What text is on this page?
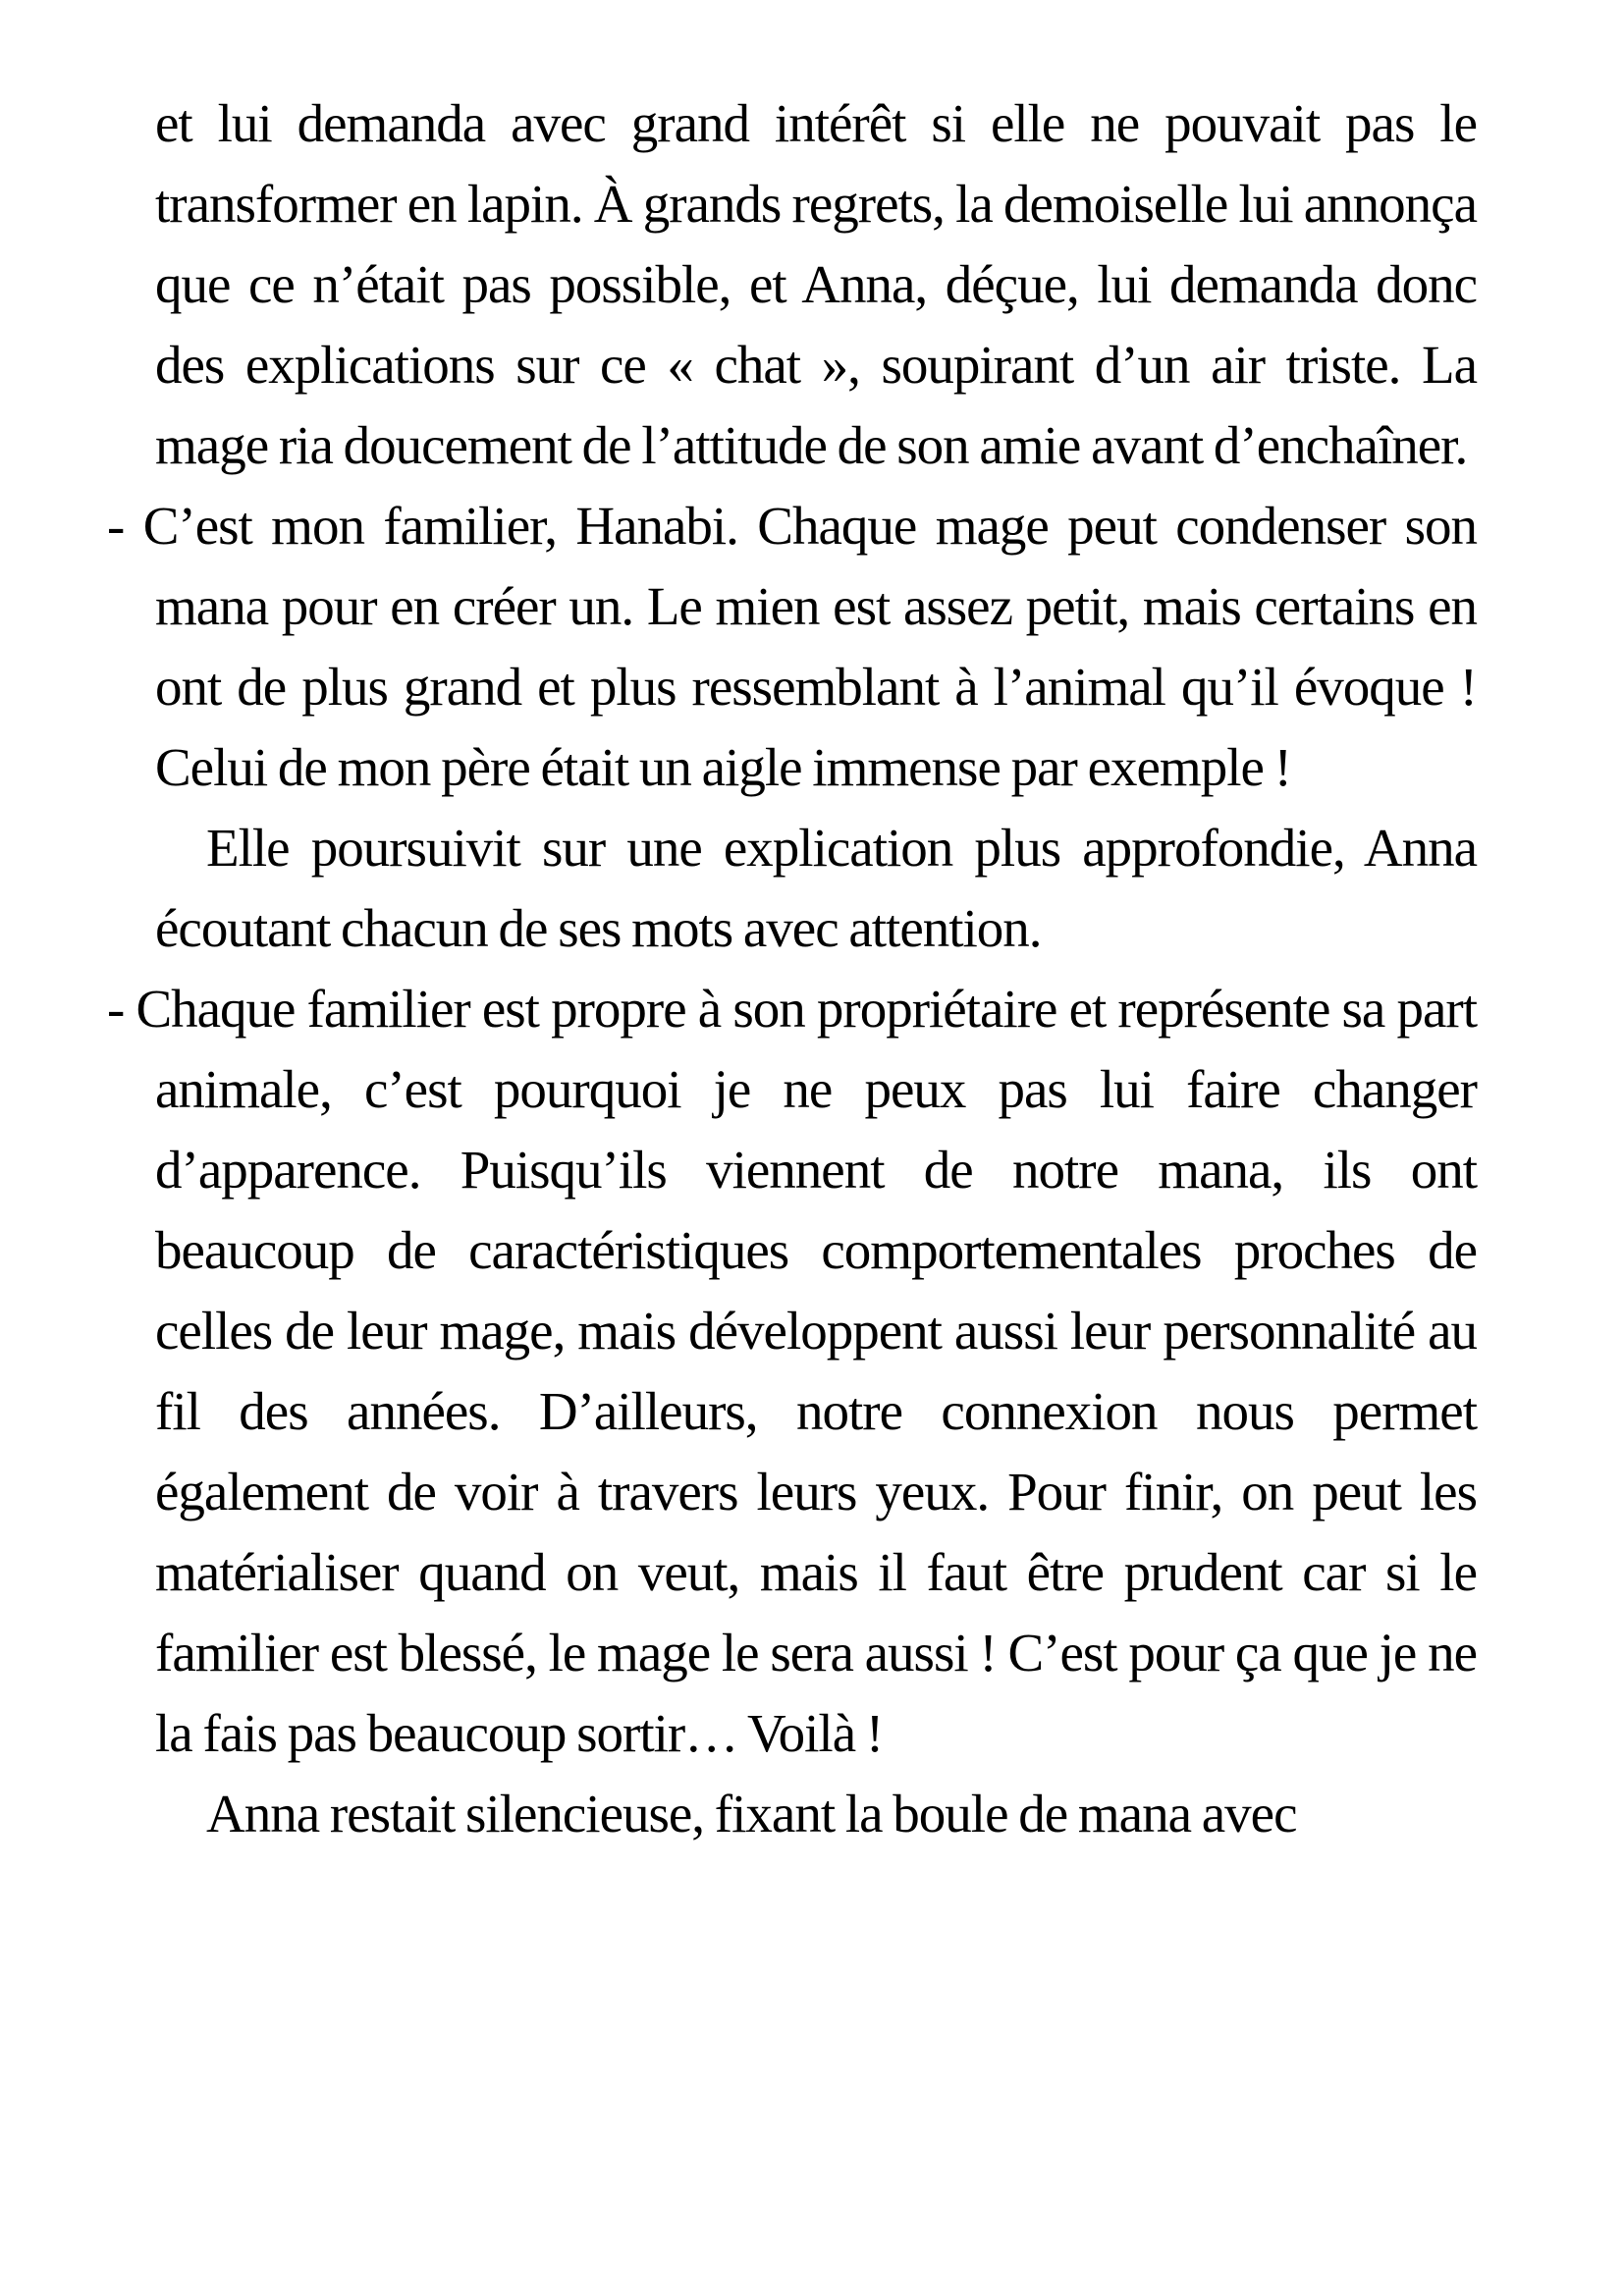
et lui demanda avec grand intérêt si elle ne pouvait pas le transformer en lapin. À grands regrets, la demoiselle lui annonça que ce n’était pas possible, et Anna, déçue, lui demanda donc des explications sur ce « chat », soupirant d’un air triste. La mage ria doucement de l’attitude de son amie avant d’enchaîner.

- C’est mon familier, Hanabi. Chaque mage peut condenser son mana pour en créer un. Le mien est assez petit, mais certains en ont de plus grand et plus ressemblant à l’animal qu’il évoque ! Celui de mon père était un aigle immense par exemple !

Elle poursuivit sur une explication plus approfondie, Anna écoutant chacun de ses mots avec attention.

- Chaque familier est propre à son propriétaire et représente sa part animale, c’est pourquoi je ne peux pas lui faire changer d’apparence. Puisqu’ils viennent de notre mana, ils ont beaucoup de caractéristiques comportementales proches de celles de leur mage, mais développent aussi leur personnalité au fil des années. D’ailleurs, notre connexion nous permet également de voir à travers leurs yeux. Pour finir, on peut les matérialiser quand on veut, mais il faut être prudent car si le familier est blessé, le mage le sera aussi ! C’est pour ça que je ne la fais pas beaucoup sortir… Voilà !

Anna restait silencieuse, fixant la boule de mana avec
